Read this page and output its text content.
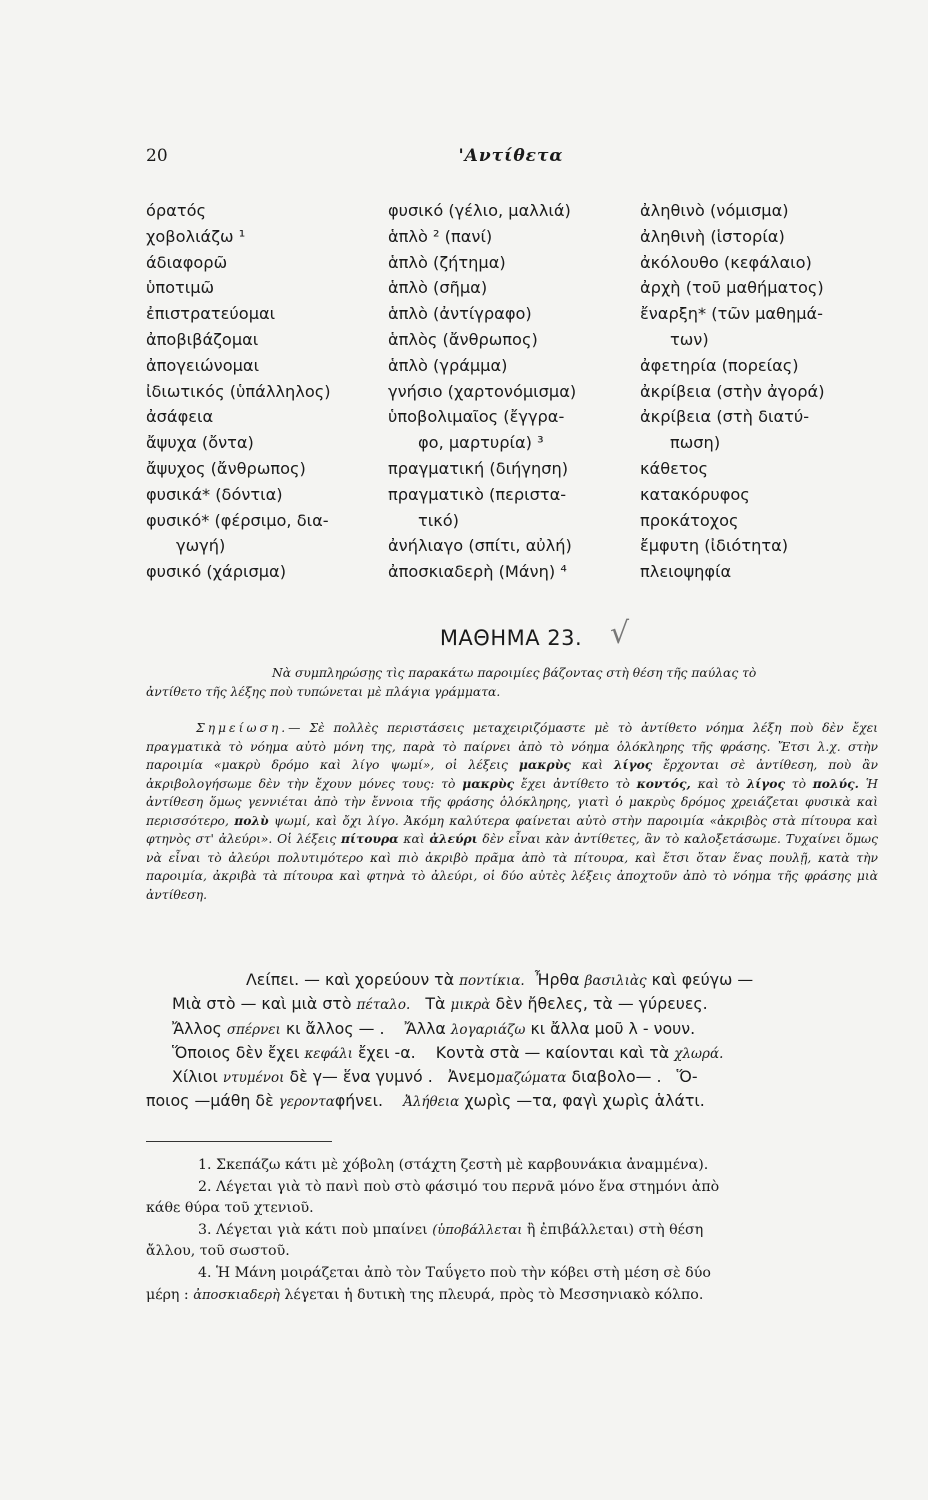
20	'Αντίθετα
όρατός
χοβολιάζω ¹
άδιαφορῶ
ὑποτιμῶ
ἐπιστρατεύομαι
ἀποβιβάζομαι
ἀπογειώνομαι
ἰδιωτικός (ὑπάλληλος)
ἀσάφεια
ἄψυχα (ὄντα)
ἄψυχος (ἄνθρωπος)
φυσικά* (δόντια)
φυσικό* (φέρσιμο, δια-
γωγή)
φυσικό (χάρισμα)
φυσικό (γέλιο, μαλλιά)
ἁπλὸ ² (πανί)
ἁπλὸ (ζήτημα)
ἁπλὸ (σῆμα)
ἁπλὸ (ἀντίγραφο)
ἁπλὸς (ἄνθρωπος)
ἁπλὸ (γράμμα)
γνήσιο (χαρτονόμισμα)
ὑποβολιμαῖος (ἔγγρα-
φο, μαρτυρία) ³
πραγματική (διήγηση)
πραγματικὸ (περιστα-
τικό)
ἀνήλιαγο (σπίτι, αὐλή)
ἀποσκιαδερὴ (Μάνη) ⁴
ἀληθινὸ (νόμισμα)
ἀληθινὴ (ἱστορία)
ἀκόλουθο (κεφάλαιο)
ἀρχὴ (τοῦ μαθήματος)
ἔναρξη* (τῶν μαθημά-
των)
ἀφετηρία (πορείας)
ἀκρίβεια (στὴν ἀγορά)
ἀκρίβεια (στὴ διατύ-
πωση)
κάθετος
κατακόρυφος
προκάτοχος
ἔμφυτη (ἰδιότητα)
πλειοψηφία
ΜΑΘΗΜΑ 23. √
Νὰ συμπληρώσῃς τὶς παρακάτω παροιμίες βάζοντας στὴ θέση τῆς παύλας τὸ
ἀντίθετο τῆς λέξης ποὺ τυπώνεται μὲ πλάγια γράμματα.
Σημείωση.— Σὲ πολλὲς περιστάσεις μεταχειριζόμαστε μὲ τὸ ἀντίθετο νόημα λέξη ποὺ δὲν ἔχει πραγματικὰ τὸ νόημα αὐτὸ μόνη της, παρὰ τὸ παίρνει ἀπὸ τὸ νόημα ὁλόκληρης τῆς φράσης. Ἔτσι λ.χ. στὴν παροιμία «μακρὺ δρόμο καὶ λίγο ψωμί», οἱ λέξεις μακρὺς καὶ λίγος ἔρχονται σὲ ἀντίθεση, ποὺ ἂν ἀκριβολογήσωμε δὲν τὴν ἔχουν μόνες τους: τὸ μακρὺς ἔχει ἀντίθετο τὸ κοντός, καὶ τὸ λίγος τὸ πολύς. Ἡ ἀντίθεση ὅμως γεννιέται ἀπὸ τὴν ἔννοια τῆς φράσης ὁλόκληρης, γιατὶ ὁ μακρὺς δρόμος χρειάζεται φυσικὰ καὶ περισσότερο, πολὺ ψωμί, καὶ ὄχι λίγο. Ἀκόμη καλύτερα φαίνεται αὐτὸ στὴν παροιμία «ἀκριβὸς στὰ πίτουρα καὶ φτηνὸς στ' ἀλεύρι». Οἱ λέξεις πίτουρα καὶ ἀλεύρι δὲν εἶναι κὰν ἀντίθετες, ἂν τὸ καλοξετάσωμε. Τυχαίνει ὅμως νὰ εἶναι τὸ ἀλεύρι πολυτιμότερο καὶ πιὸ ἀκριβὸ πρᾶμα ἀπὸ τὰ πίτουρα, καὶ ἔτσι ὅταν ἕνας πουλῇ, κατὰ τὴν παροιμία, ἀκριβὰ τὰ πίτουρα καὶ φτηνὰ τὸ ἀλεύρι, οἱ δύο αὐτὲς λέξεις ἀποχτοῦν ἀπὸ τὸ νόημα τῆς φράσης μιὰ ἀντίθεση.
Λείπει. — καὶ χορεύουν τὰ ποντίκια. Ἦρθα βασιλιὰς καὶ φεύγω —
Μιὰ στὸ — καὶ μιὰ στὸ πέταλο. Τὰ μικρὰ δὲν ἤθελες, τὰ — γύρευες.
Ἄλλος σπέρνει κι ἄλλος — . Ἄλλα λογαριάζω κι ἄλλα μοῦ λ - νουν.
Ὅποιος δὲν ἔχει κεφάλι ἔχει -α. Κοντὰ στὰ — καίονται καὶ τὰ χλωρά.
Χίλιοι ντυμένοι δὲ γ— ἕνα γυμνό . Ἀνεμομαζώματα διαβολο— . Ὅ-
ποιος —μάθη δὲ γερονταφήνει. Ἀλήθεια χωρὶς —τα, φαγὶ χωρὶς ἁλάτι.
1. Σκεπάζω κάτι μὲ χόβολη (στάχτη ζεστὴ μὲ καρβουνάκια ἀναμμένα).
2. Λέγεται γιὰ τὸ πανὶ ποὺ στὸ φάσιμό του περνᾶ μόνο ἕνα στημόνι ἀπὸ
κάθε θύρα τοῦ χτενιοῦ.
3. Λέγεται γιὰ κάτι ποὺ μπαίνει (ὑποβάλλεται ἢ ἐπιβάλλεται) στὴ θέση
ἄλλου, τοῦ σωστοῦ.
4. Ἡ Μάνη μοιράζεται ἀπὸ τὸν Ταΰγετο ποὺ τὴν κόβει στὴ μέση σὲ δύο
μέρη : ἀποσκιαδερὴ λέγεται ἡ δυτικὴ της πλευρά, πρὸς τὸ Μεσσηνιακὸ κόλπο.
